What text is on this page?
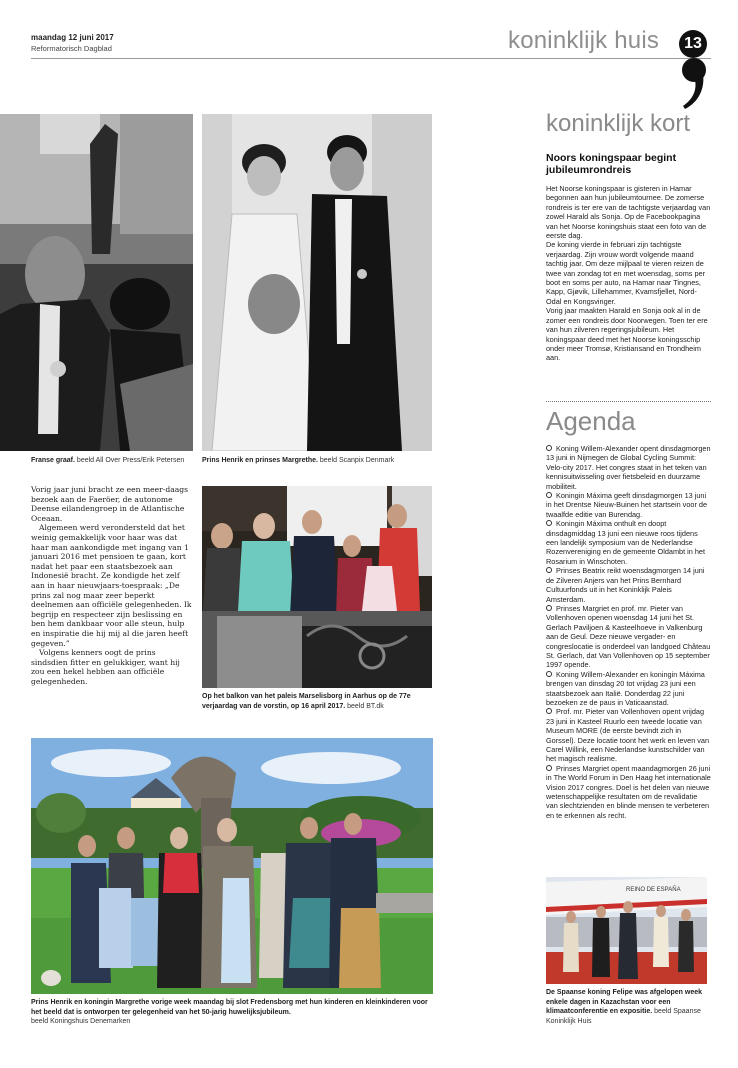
maandag 12 juni 2017
Reformatorisch Dagblad	koninklijk huis	13
Franse graaf. beeld All Over Press/Erik Petersen	Prins Henrik en prinses Margrethe. beeld Scanpix Denmark

Vorig jaar juni bracht ze een meer-daags bezoek aan de Faeröer, de autonome Deense eilandengroep in de Atlantische Oceaan.

Algemeen werd verondersteld dat het weinig gemakkelijk voor haar was dat haar man aankondigde met ingang van 1 januari 2016 met pensioen te gaan, kort nadat het paar een staatsbezoek aan Indonesië bracht. Ze kondigde het zelf aan in haar nieuwjaars-toespraak: „De prins zal nog maar zeer beperkt deelnemen aan officiële gelegenheden. Ik begrijp en respecteer zijn beslissing en ben hem dankbaar voor alle steun, hulp en inspiratie die hij mij al die jaren heeft gegeven.”

Volgens kenners oogt de prins sindsdien fitter en gelukkiger, want hij zou een hekel hebben aan officiële gelegenheden.

Op het balkon van het paleis Marselisborg in Aarhus op de 77e verjaardag van de vorstin, op 16 april 2017. beeld BT.dk
Prins Henrik en koningin Margrethe vorige week maandag bij slot Fredensborg met hun kinderen en kleinkinderen voor het beeld dat is ontworpen ter gelegenheid van het 50-jarig huwelijksjubileum.
beeld Koningshuis Denemarken
koninklijk kort
Noors koningspaar begint jubileumrondreis

Het Noorse koningspaar is gisteren in Hamar begonnen aan hun jubileumtournee. De zomerse rondreis is ter ere van de tachtigste verjaardag van zowel Harald als Sonja. Op de Facebookpagina van het Noorse koningshuis staat een foto van de eerste dag.

De koning vierde in februari zijn tachtigste verjaardag. Zijn vrouw wordt volgende maand tachtig jaar. Om deze mijlpaal te vieren reizen de twee van zondag tot en met woensdag, soms per boot en soms per auto, na Hamar naar Tingnes, Kapp, Gjøvik, Lillehammer, Kvamsfjellet, Nord-Odal en Kongsvinger.

Vorig jaar maakten Harald en Sonja ook al in de zomer een rondreis door Noorwegen. Toen ter ere van hun zilveren regeringsjubileum. Het koningspaar deed met het Noorse koningsschip onder meer Tromsø, Kristiansand en Trondheim aan.

Agenda
Koning Willem-Alexander opent dinsdagmorgen 13 juni in Nijmegen de Global Cycling Summit: Velo-city 2017. Het congres staat in het teken van kennisuitwisseling over fietsbeleid en duurzame mobiliteit.
Koningin Máxima geeft dinsdagmorgen 13 juni in het Drentse Nieuw-Buinen het startsein voor de twaalfde editie van Burendag.
Koningin Máxima onthult en doopt dinsdagmiddag 13 juni een nieuwe roos tijdens een landelijk symposium van de Nederlandse Rozenvereniging en de gemeente Oldambt in het Rosarium in Winschoten.
Prinses Beatrix reikt woensdagmorgen 14 juni de Zilveren Anjers van het Prins Bernhard Cultuurfonds uit in het Koninklijk Paleis Amsterdam.
Prinses Margriet en prof. mr. Pieter van Vollenhoven openen woensdag 14 juni het St. Gerlach Paviljoen & Kasteelhoeve in Valkenburg aan de Geul. Deze nieuwe vergader- en congreslocatie is onderdeel van landgoed Château St. Gerlach, dat Van Vollenhoven op 15 september 1997 opende.
Koning Willem-Alexander en koningin Máxima brengen van dinsdag 20 tot vrijdag 23 juni een staatsbezoek aan Italië. Donderdag 22 juni bezoeken ze de paus in Vaticaanstad.
Prof. mr. Pieter van Vollenhoven opent vrijdag 23 juni in Kasteel Ruurlo een tweede locatie van Museum MORE (de eerste bevindt zich in Gorssel). Deze locatie toont het werk en leven van Carel Willink, een Nederlandse kunstschilder van het magisch realisme.
Prinses Margriet opent maandagmorgen 26 juni in The World Forum in Den Haag het internationale Vision 2017 congres. Doel is het delen van nieuwe wetenschappelijke resultaten om de revalidatie van slechtzienden en blinde mensen te verbeteren en te erkennen als recht.
REINO DE ESPAÑA
De Spaanse koning Felipe was afgelopen week enkele dagen in Kazachstan voor een klimaatconferentie en expositie. beeld Spaanse Koninklijk Huis
